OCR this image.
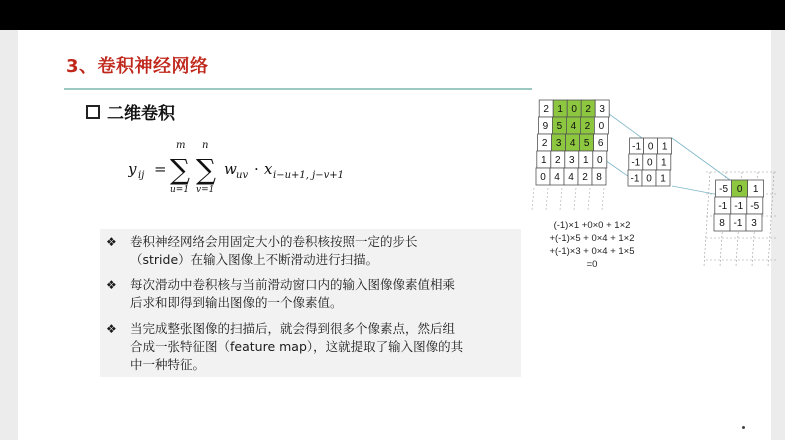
3、卷积神经网络
二维卷积
y ij =
m
∑
u=1
n
∑
v=1
w uv · x i−u+1, j−v+1
❖ 卷积神经网络会用固定大小的卷积核按照一定的步长
（stride）在输入图像上不断滑动进行扫描。
❖ 每次滑动中卷积核与当前滑动窗口内的输入图像像素值相乘
后求和即得到输出图像的一个像素值。
❖ 当完成整张图像的扫描后，就会得到很多个像素点，然后组
合成一张特征图（feature map），这就提取了输入图像的其
中一种特征。
2 1 0 2 3
9 5 4 2 0
2 3 4 5 6
1 2 3 1 0
0 4 4 2 8
-1 0 1
-1 0 1
-1 0 1
-5 0 1
-1 -1 -5
8 -1 3
(-1)×1 +0×0 + 1×2
+(-1)×5 + 0×4 + 1×2
+(-1)×3 + 0×4 + 1×5
=0
